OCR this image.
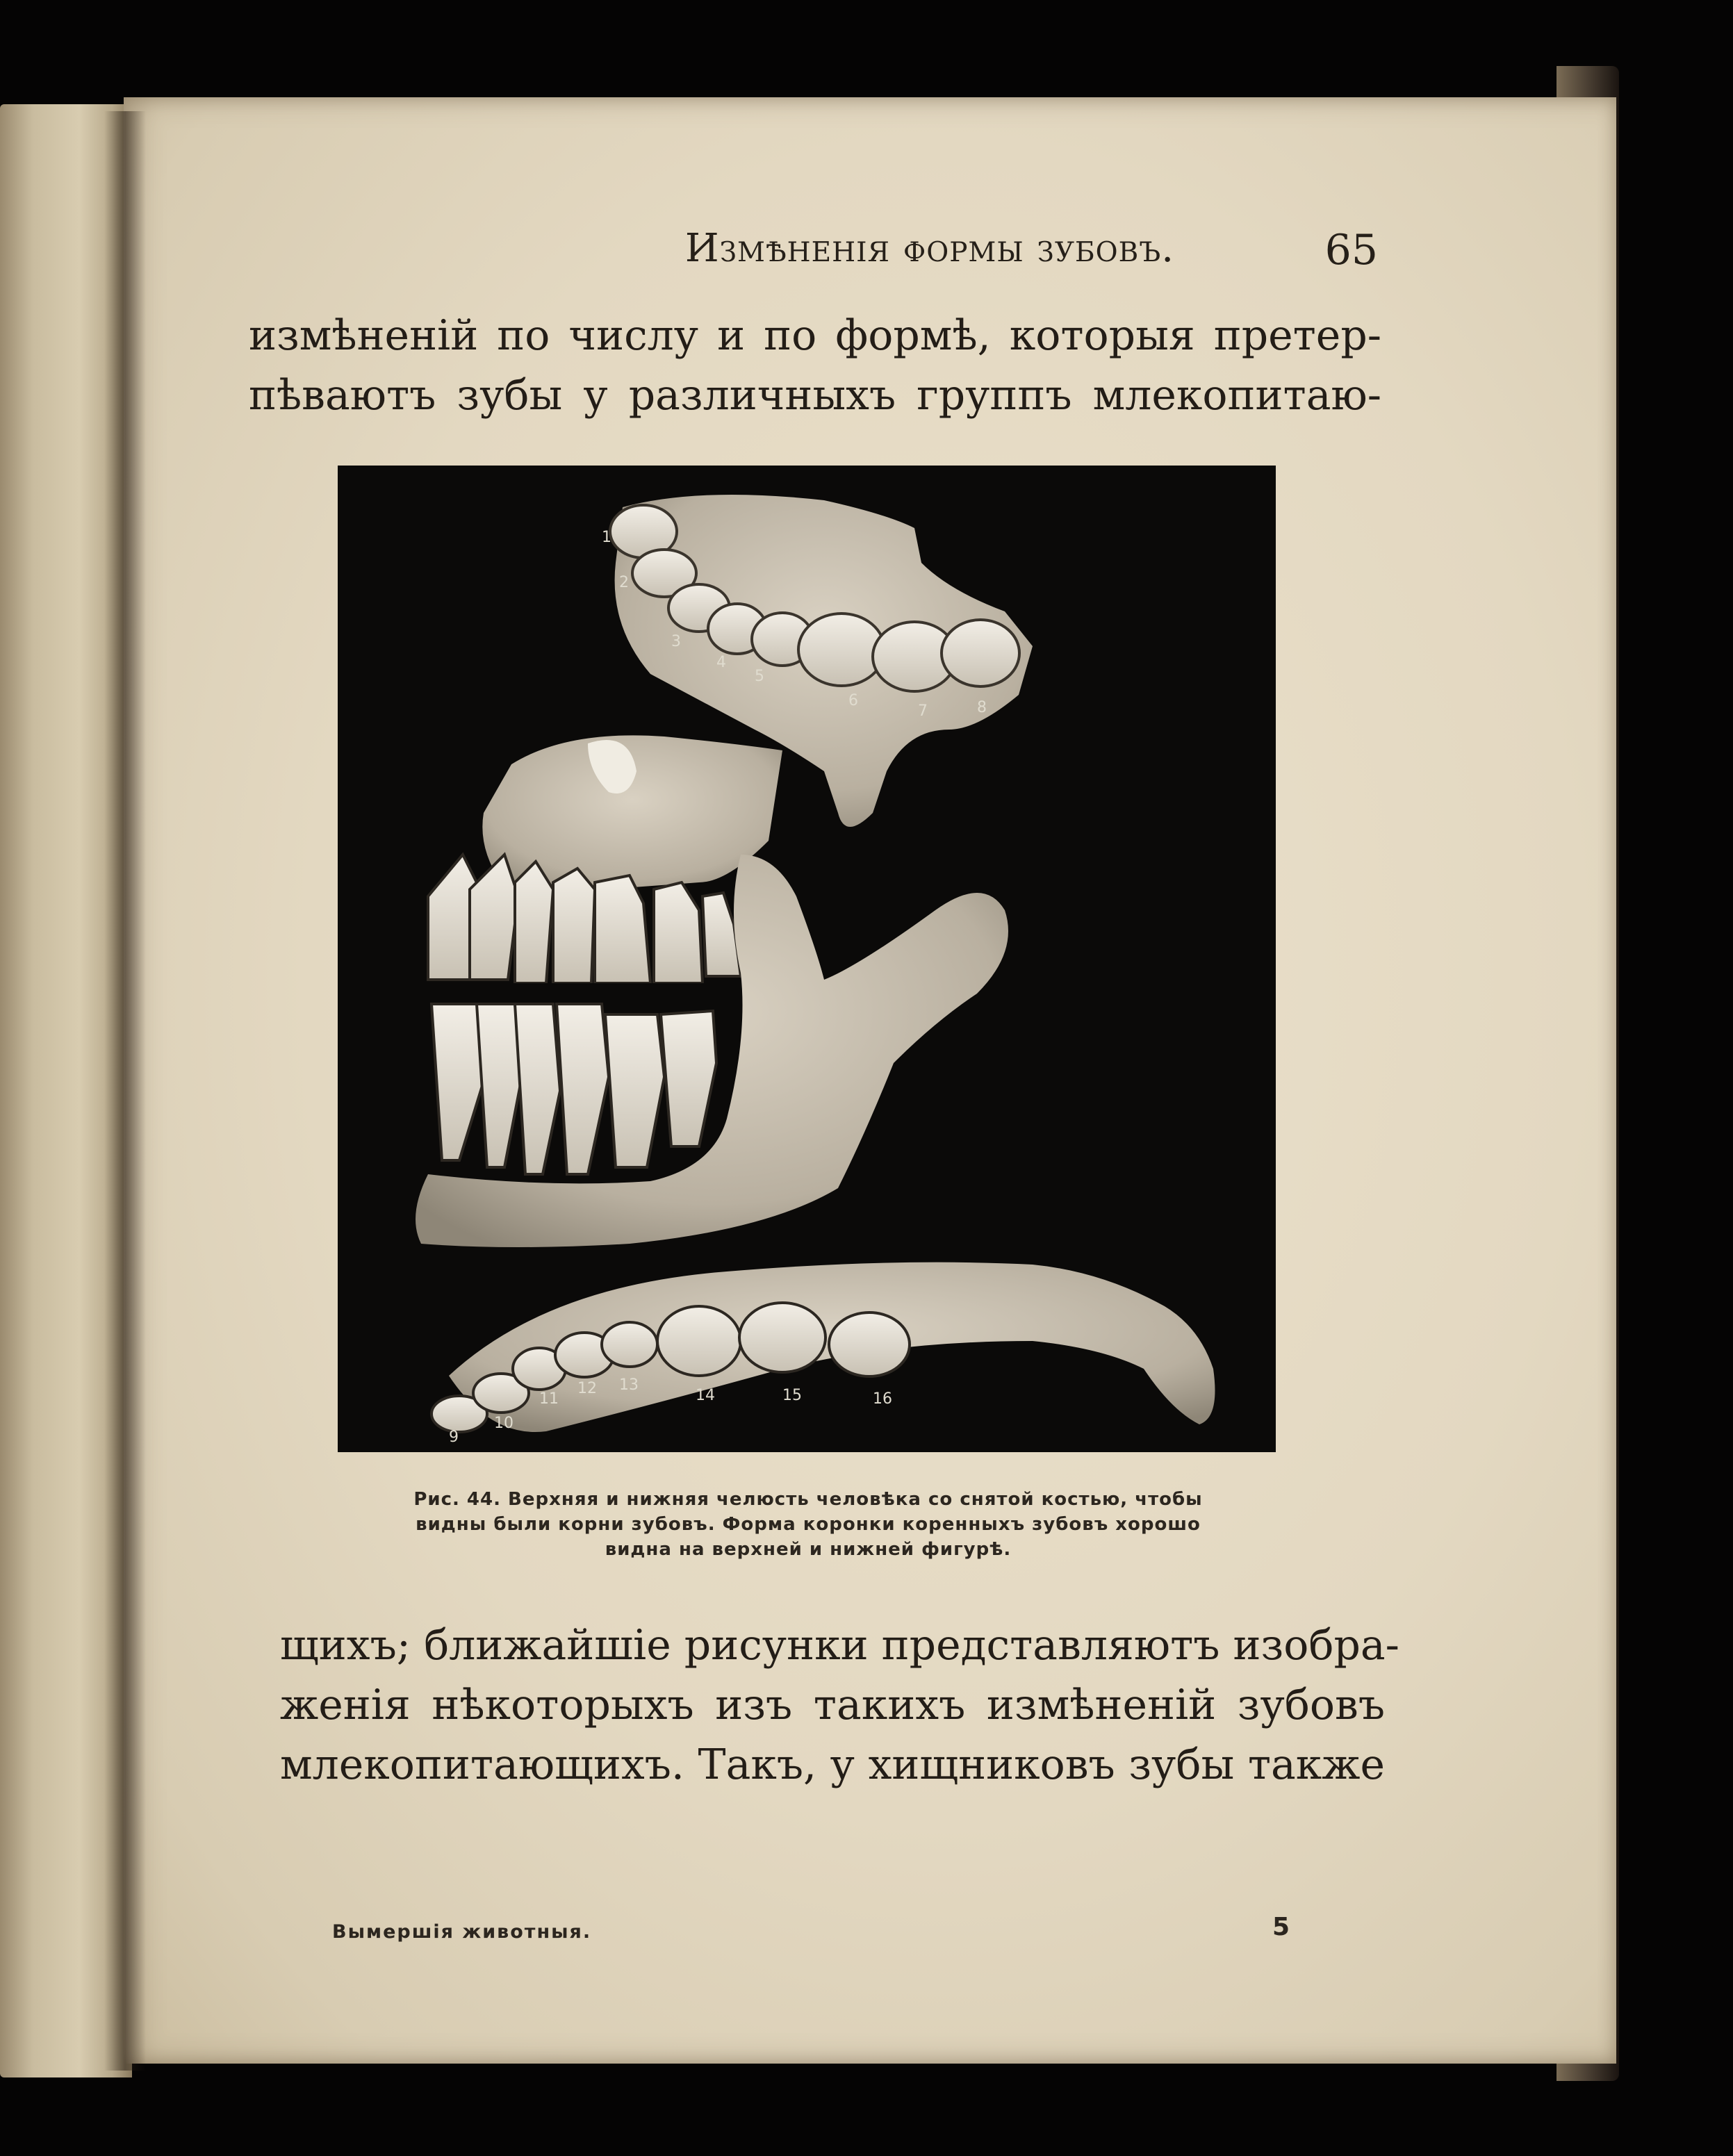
Измѣненія формы зубовъ.	65
измѣненій по числу и по формѣ, которыя претер-
пѣваютъ зубы у различныхъ группъ млекопитаю-
1
2
3
4
5
6
7	8
9
10
11
12 13
14	15	16
Рис. 44. Верхняя и нижняя челюсть человѣка со снятой костью, чтобы
видны были корни зубовъ. Форма коронки коренныхъ зубовъ хорошо
видна на верхней и нижней фигурѣ.
щихъ; ближайшіе рисунки представляютъ изобра-
женія нѣкоторыхъ изъ такихъ измѣненій зубовъ
млекопитающихъ. Такъ, у хищниковъ зубы также
Вымершія животныя.	5
